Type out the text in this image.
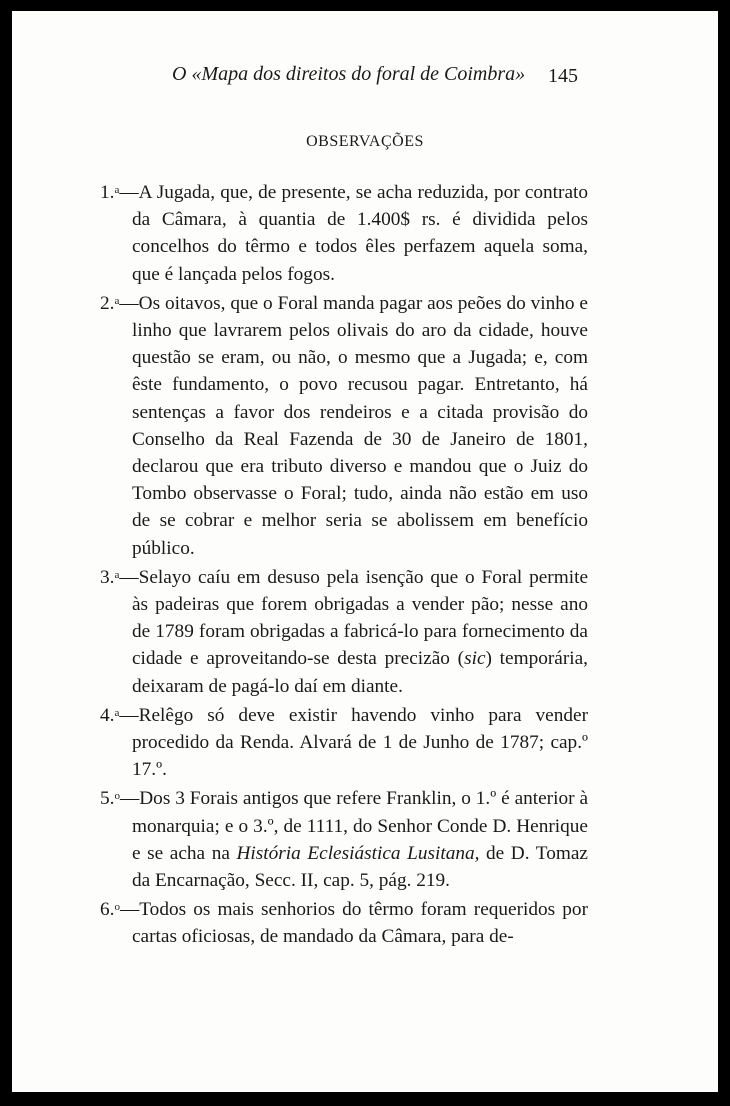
O «Mapa dos direitos do foral de Coimbra» 145
OBSERVAÇÕES

1.$^a$—A Jugada, que, de presente, se acha reduzida, por contrato da Câmara, à quantia de 1.400$ rs. é dividida pelos concelhos do têrmo e todos êles perfazem aquela soma, que é lançada pelos fogos.

2.$^a$—Os oitavos, que o Foral manda pagar aos peões do vinho e linho que lavrarem pelos olivais do aro da cidade, houve questão se eram, ou não, o mesmo que a Jugada; e, com êste fundamento, o povo recusou pagar. Entretanto, há sentenças a favor dos rendeiros e a citada provisão do Conselho da Real Fazenda de 30 de Janeiro de 1801, declarou que era tributo diverso e mandou que o Juiz do Tombo observasse o Foral; tudo, ainda não estão em uso de se cobrar e melhor seria se abolissem em benefício público.

3.$^a$—Selayo caíu em desuso pela isenção que o Foral permite às padeiras que forem obrigadas a vender pão; nesse ano de 1789 foram obrigadas a fabricá-lo para fornecimento da cidade e aproveitando-se desta precizão (sic) temporária, deixaram de pagá-lo daí em diante.

4.$^a$—Relêgo só deve existir havendo vinho para vender procedido da Renda. Alvará de 1 de Junho de 1787; cap.º 17.º.

5.$^o$—Dos 3 Forais antigos que refere Franklin, o 1.º é anterior à monarquia; e o 3.º, de 1111, do Senhor Conde D. Henrique e se acha na História Eclesiástica Lusitana, de D. Tomaz da Encarnação, Secc. II, cap. 5, pág. 219.

6.$^o$—Todos os mais senhorios do têrmo foram requeridos por cartas oficiosas, de mandado da Câmara, para de-
